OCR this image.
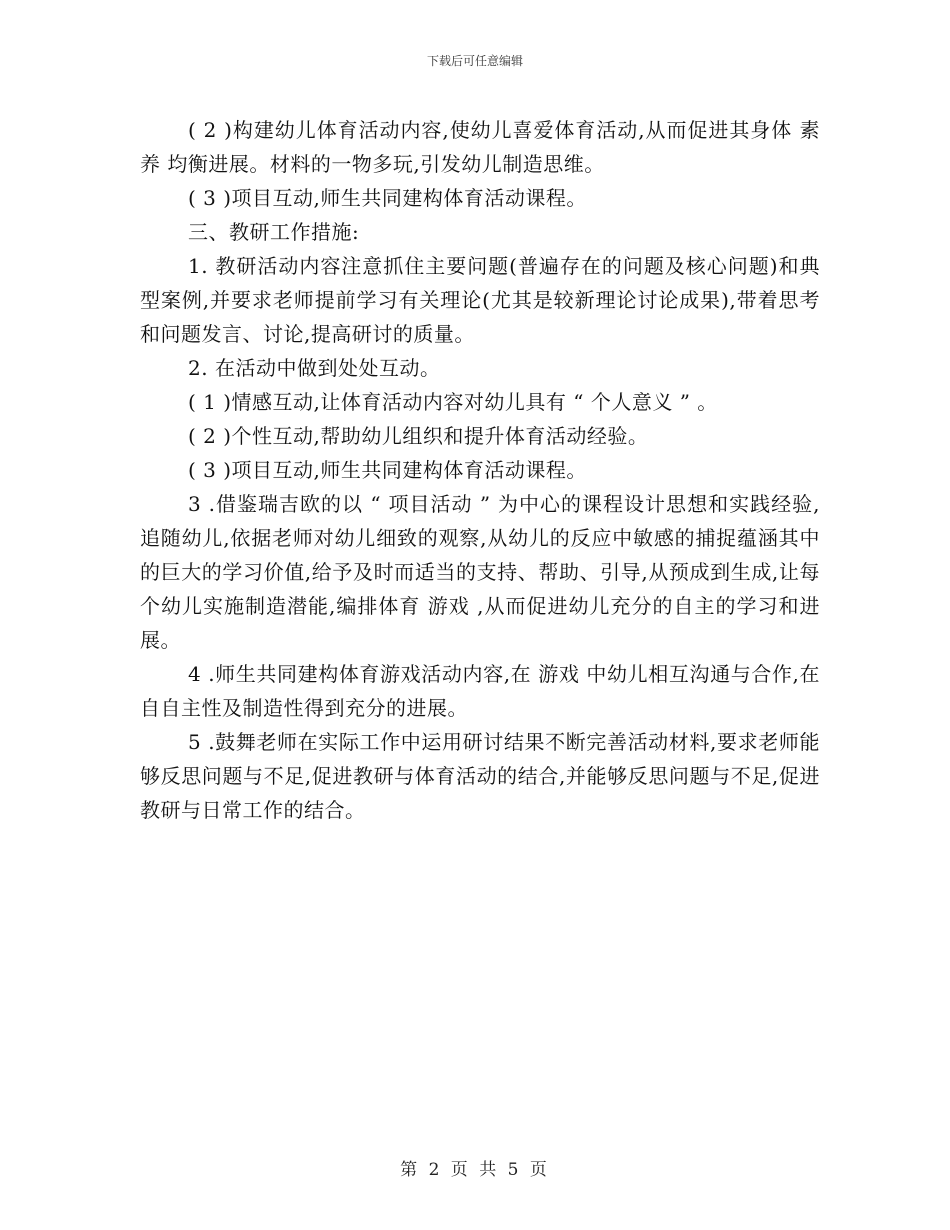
下载后可任意编辑

( 2 )构建幼儿体育活动内容,使幼儿喜爱体育活动,从而促进其身体 素养 均衡进展。材料的一物多玩,引发幼儿制造思维。

( 3 )项目互动,师生共同建构体育活动课程。

三、教研工作措施:

1. 教研活动内容注意抓住主要问题(普遍存在的问题及核心问题)和典型案例,并要求老师提前学习有关理论(尤其是较新理论讨论成果),带着思考和问题发言、讨论,提高研讨的质量。

2. 在活动中做到处处互动。

( 1 )情感互动,让体育活动内容对幼儿具有 “ 个人意义 ” 。

( 2 )个性互动,帮助幼儿组织和提升体育活动经验。

( 3 )项目互动,师生共同建构体育活动课程。

3 .借鉴瑞吉欧的以 “ 项目活动 ” 为中心的课程设计思想和实践经验,追随幼儿,依据老师对幼儿细致的观察,从幼儿的反应中敏感的捕捉蕴涵其中的巨大的学习价值,给予及时而适当的支持、帮助、引导,从预成到生成,让每个幼儿实施制造潜能,编排体育 游戏 ,从而促进幼儿充分的自主的学习和进展。

4 .师生共同建构体育游戏活动内容,在 游戏 中幼儿相互沟通与合作,在自自主性及制造性得到充分的进展。

5 .鼓舞老师在实际工作中运用研讨结果不断完善活动材料,要求老师能够反思问题与不足,促进教研与体育活动的结合,并能够反思问题与不足,促进教研与日常工作的结合。

第 2 页 共 5 页
